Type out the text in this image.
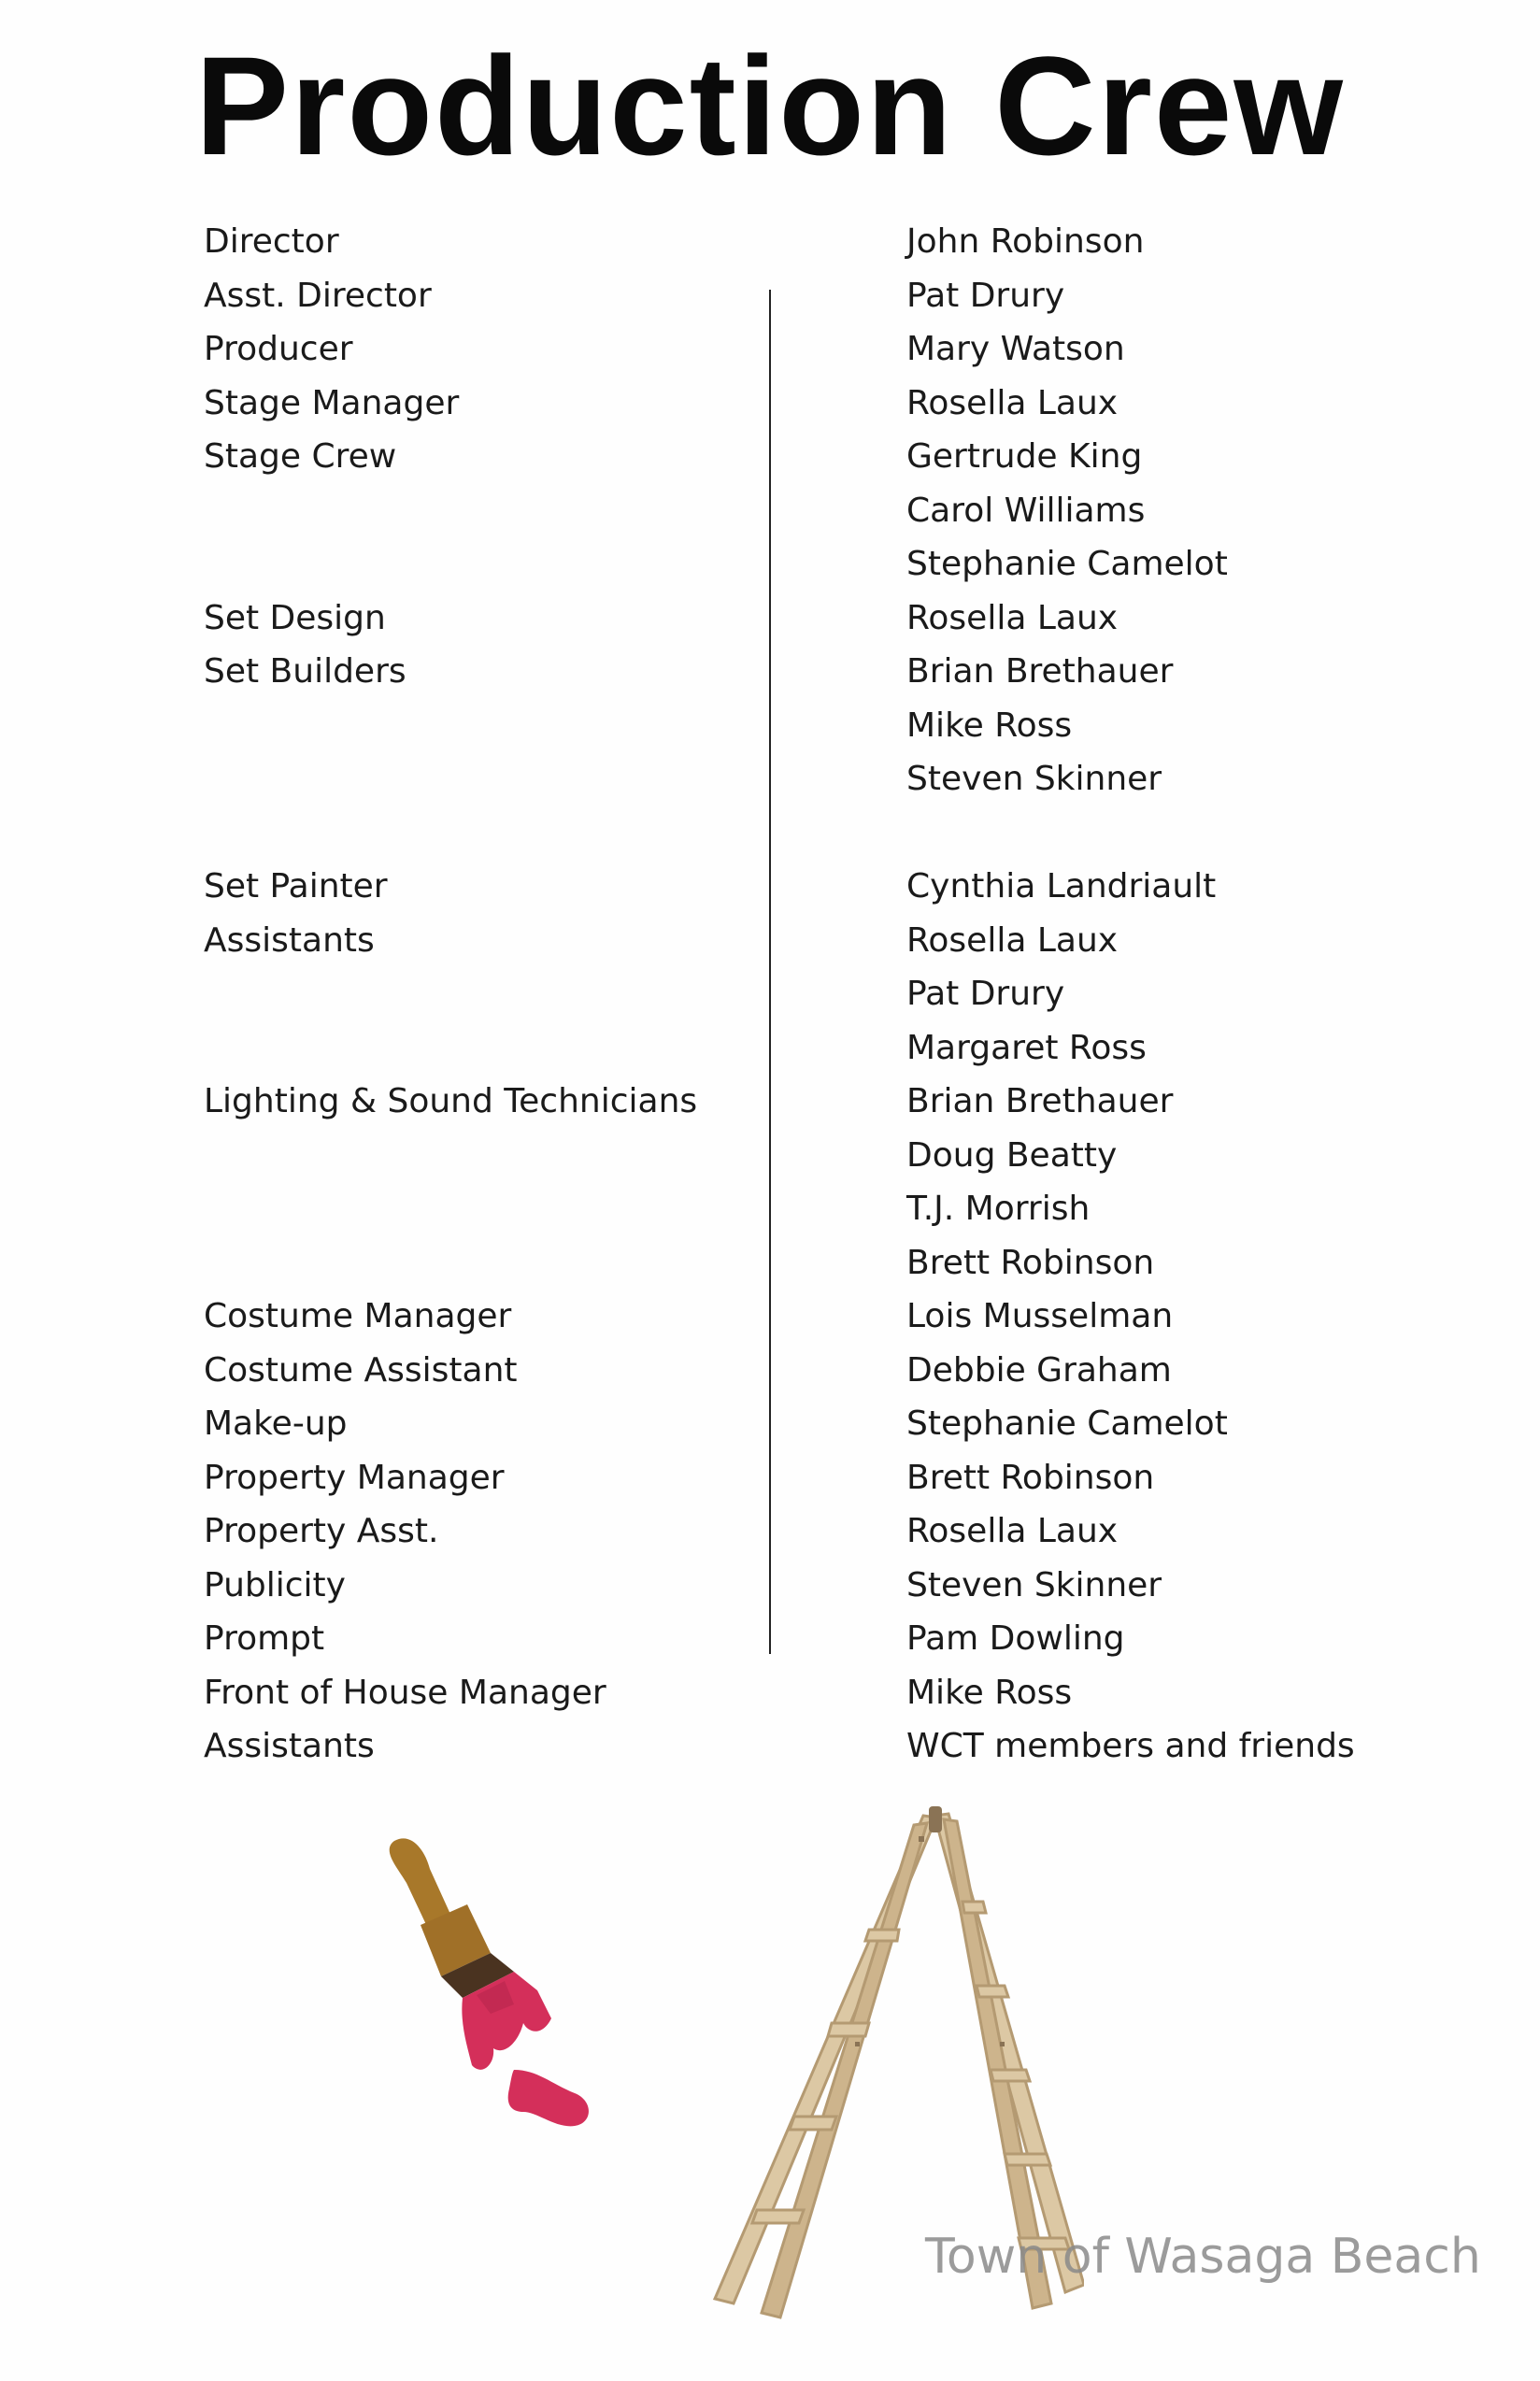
Production Crew
Director
Asst. Director
Producer
Stage Manager
Stage Crew
Set Design
Set Builders
Set Painter
Assistants
Lighting & Sound Technicians
Costume Manager
Costume Assistant
Make-up
Property Manager
Property Asst.
Publicity
Prompt
Front of House Manager
Assistants
John Robinson
Pat Drury
Mary Watson
Rosella Laux
Gertrude King
Carol Williams
Stephanie Camelot
Rosella Laux
Brian Brethauer
Mike Ross
Steven Skinner
Cynthia Landriault
Rosella Laux
Pat Drury
Margaret Ross
Brian Brethauer
Doug Beatty
T.J. Morrish
Brett Robinson
Lois Musselman
Debbie Graham
Stephanie Camelot
Brett Robinson
Rosella Laux
Steven Skinner
Pam Dowling
Mike Ross
WCT members and friends
Town of Wasaga Beach
